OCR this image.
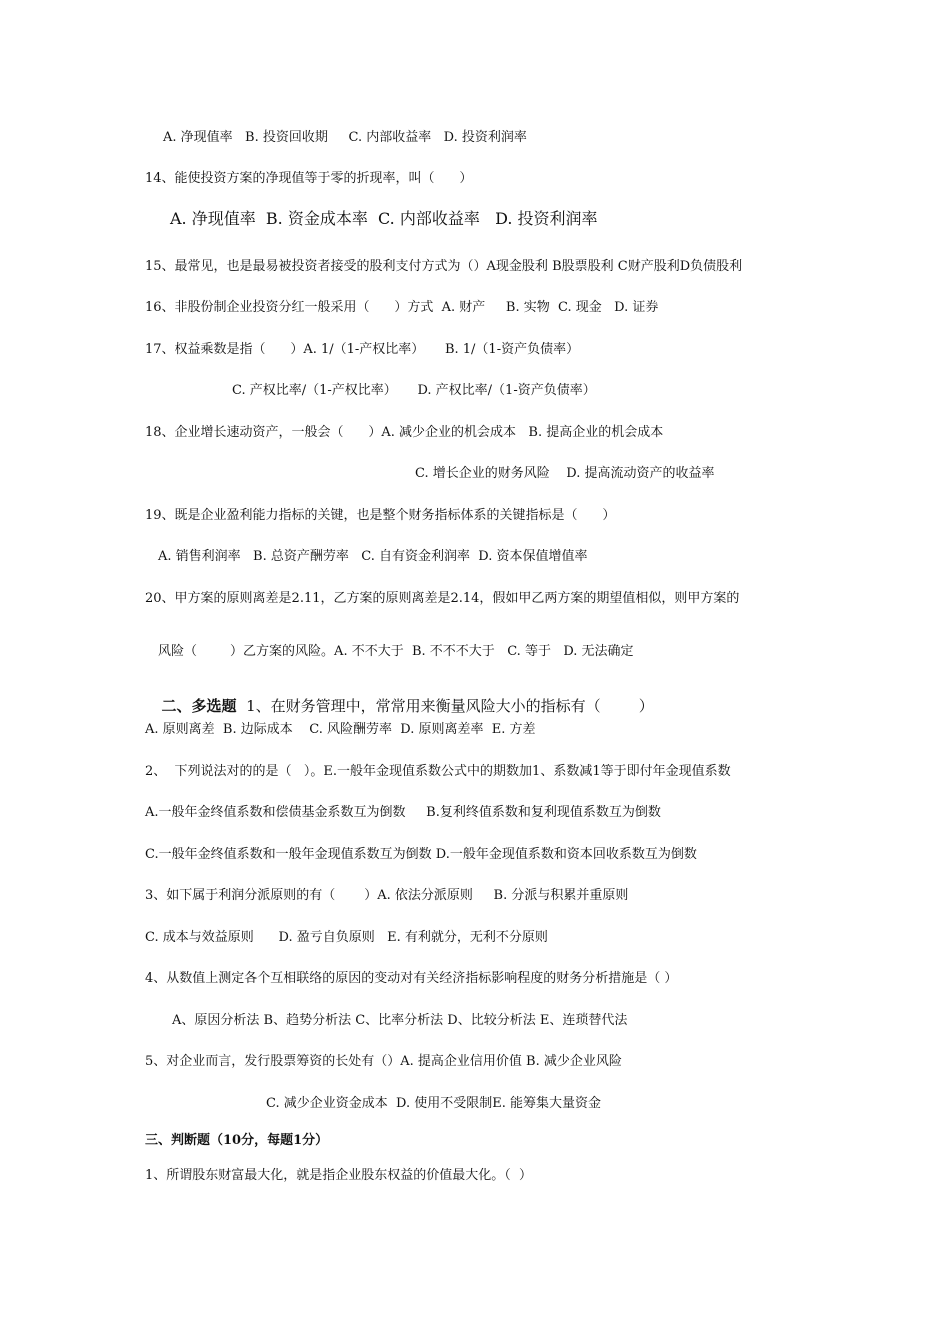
A. 净现值率   B. 投资回收期     C. 内部收益率   D. 投资利润率
14、能使投资方案的净现值等于零的折现率，叫（      ）
A. 净现值率  B. 资金成本率  C. 内部收益率   D. 投资利润率
15、最常见，也是最易被投资者接受的股利支付方式为（）A现金股利 B股票股利 C财产股利D负债股利
16、非股份制企业投资分红一般采用（      ）方式  A. 财产     B. 实物  C. 现金   D. 证券
17、权益乘数是指（      ）A. 1/（1-产权比率）     B. 1/（1-资产负债率）
C. 产权比率/（1-产权比率）     D. 产权比率/（1-资产负债率）
18、企业增长速动资产，一般会（      ）A. 减少企业的机会成本   B. 提高企业的机会成本
C. 增长企业的财务风险    D. 提高流动资产的收益率
19、既是企业盈利能力指标的关键，也是整个财务指标体系的关键指标是（      ）
A. 销售利润率   B. 总资产酬劳率   C. 自有资金利润率  D. 资本保值增值率
20、甲方案的原则离差是2.11，乙方案的原则离差是2.14，假如甲乙两方案的期望值相似，则甲方案的
风险（        ）乙方案的风险。A. 不不大于  B. 不不不大于   C. 等于   D. 无法确定

二、多选题  1、在财务管理中，常常用来衡量风险大小的指标有（        ）

A. 原则离差  B. 边际成本    C. 风险酬劳率  D. 原则离差率  E. 方差
2、  下列说法对的的是（   ）。E.一般年金现值系数公式中的期数加1、系数减1等于即付年金现值系数
A.一般年金终值系数和偿债基金系数互为倒数     B.复利终值系数和复利现值系数互为倒数
C.一般年金终值系数和一般年金现值系数互为倒数 D.一般年金现值系数和资本回收系数互为倒数
3、如下属于利润分派原则的有（       ）A. 依法分派原则     B. 分派与积累并重原则
C. 成本与效益原则      D. 盈亏自负原则   E. 有利就分，无利不分原则
4、从数值上测定各个互相联络的原因的变动对有关经济指标影响程度的财务分析措施是（ ）
A、原因分析法 B、趋势分析法 C、比率分析法 D、比较分析法 E、连琐替代法
5、对企业而言，发行股票筹资的长处有（）A. 提高企业信用价值 B. 减少企业风险
C. 减少企业资金成本  D. 使用不受限制E. 能筹集大量资金
三、判断题（10分，每题1分）
1、所谓股东财富最大化，就是指企业股东权益的价值最大化。（  ）
